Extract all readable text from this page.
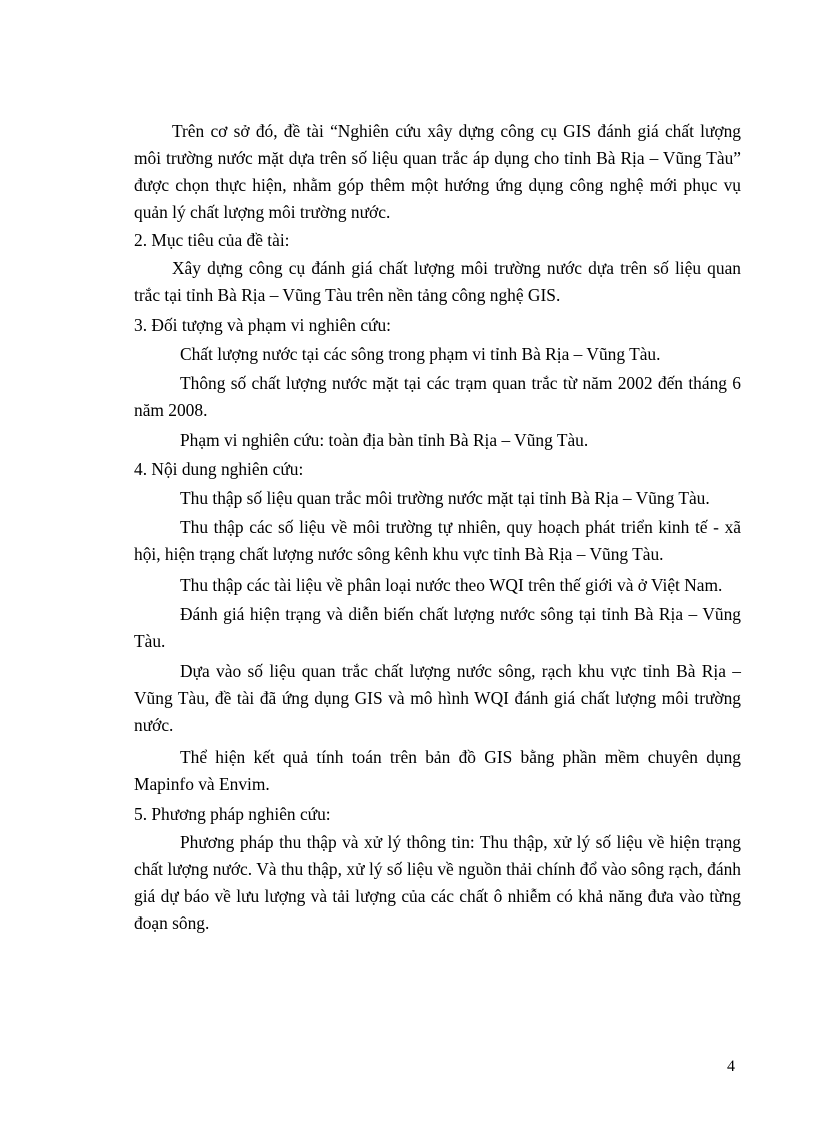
Trên cơ sở đó, đề tài “Nghiên cứu xây dựng công cụ GIS đánh giá chất lượng môi trường nước mặt dựa trên số liệu quan trắc áp dụng cho tỉnh Bà Rịa – Vũng Tàu” được chọn thực hiện, nhằm góp thêm một hướng ứng dụng công nghệ mới phục vụ quản lý chất lượng môi trường nước.

2. Mục tiêu của đề tài:

Xây dựng công cụ đánh giá chất lượng môi trường nước dựa trên số liệu quan trắc tại tỉnh Bà Rịa – Vũng Tàu trên nền tảng công nghệ GIS.

3. Đối tượng và phạm vi nghiên cứu:

Chất lượng nước tại các sông trong phạm vi tỉnh Bà Rịa – Vũng Tàu.

Thông số chất lượng nước mặt tại các trạm quan trắc từ năm 2002 đến tháng 6 năm 2008.

Phạm vi nghiên cứu: toàn địa bàn tỉnh Bà Rịa – Vũng Tàu.

4. Nội dung nghiên cứu:

Thu thập số liệu quan trắc môi trường nước mặt tại tỉnh Bà Rịa – Vũng Tàu.

Thu thập các số liệu về môi trường tự nhiên, quy hoạch phát triển kinh tế - xã hội, hiện trạng chất lượng nước sông kênh khu vực tỉnh Bà Rịa – Vũng Tàu.

Thu thập các tài liệu về phân loại nước theo WQI trên thế giới và ở Việt Nam.

Đánh giá hiện trạng và diễn biến chất lượng nước sông tại tỉnh Bà Rịa – Vũng Tàu.

Dựa vào số liệu quan trắc chất lượng nước sông, rạch khu vực tỉnh Bà Rịa – Vũng Tàu, đề tài đã ứng dụng GIS và mô hình WQI đánh giá chất lượng môi trường nước.

Thể hiện kết quả tính toán trên bản đồ GIS bằng phần mềm chuyên dụng Mapinfo và Envim.

5. Phương pháp nghiên cứu:

Phương pháp thu thập và xử lý thông tin: Thu thập, xử lý số liệu về hiện trạng chất lượng nước. Và thu thập, xử lý số liệu về nguồn thải chính đổ vào sông rạch, đánh giá dự báo về lưu lượng và tải lượng của các chất ô nhiễm có khả năng đưa vào từng đoạn sông.

4
